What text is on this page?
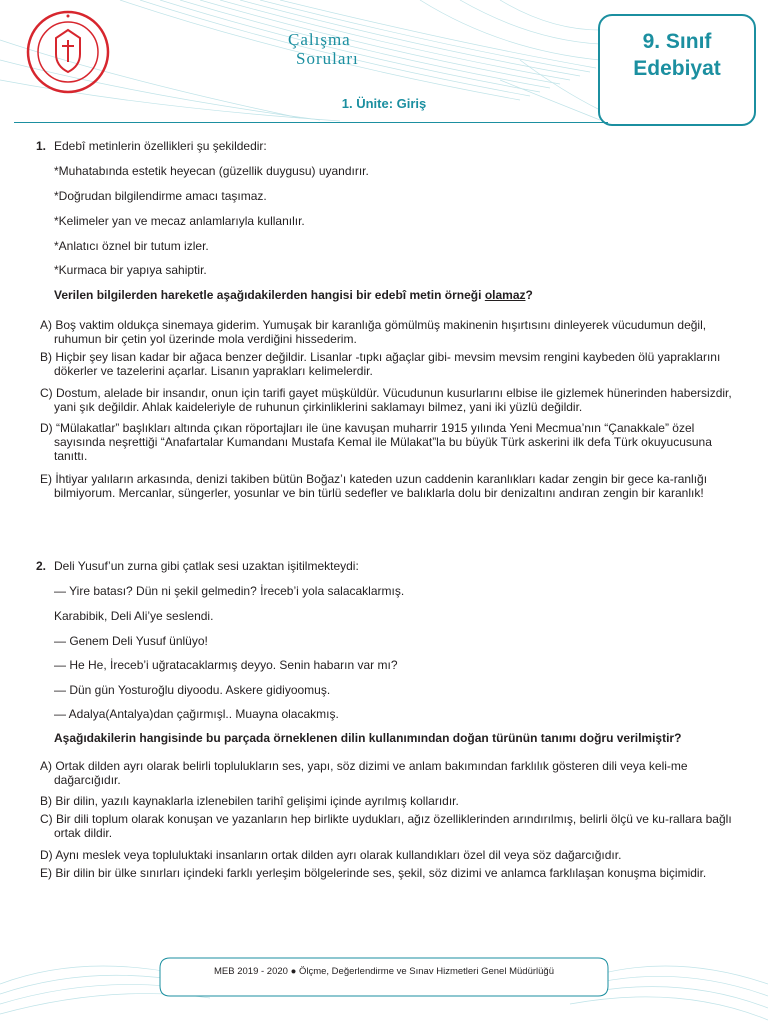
Çalışma
Soruları
9. Sınıf
Edebiyat
1. Ünite: Giriş
1. Edebî metinlerin özellikleri şu şekildedir:
*Muhatabında estetik heyecan (güzellik duygusu) uyandırır.
*Doğrudan bilgilendirme amacı taşımaz.
*Kelimeler yan ve mecaz anlamlarıyla kullanılır.
*Anlatıcı öznel bir tutum izler.
*Kurmaca bir yapıya sahiptir.
Verilen bilgilerden hareketle aşağıdakilerden hangisi bir edebî metin örneği olamaz?
A) Boş vaktim oldukça sinemaya giderim. Yumuşak bir karanlığa gömülmüş makinenin hışırtısını dinleyerek vücudumun değil, ruhumun bir çetin yol üzerinde mola verdiğini hissederim.
B) Hiçbir şey lisan kadar bir ağaca benzer değildir. Lisanlar -tıpkı ağaçlar gibi- mevsim mevsim rengini kaybeden ölü yapraklarını dökerler ve tazelerini açarlar. Lisanın yaprakları kelimelerdir.
C) Dostum, alelade bir insandır, onun için tarifi gayet müşküldür. Vücudunun kusurlarını elbise ile gizlemek hünerinden habersizdir, yani şık değildir. Ahlak kaideleriyle de ruhunun çirkinliklerini saklamayı bilmez, yani iki yüzlü değildir.
D) “Mülakatlar” başlıkları altında çıkan röportajları ile üne kavuşan muharrir 1915 yılında Yeni Mecmua’nın “Çanakkale” özel sayısında neşrettiği “Anafartalar Kumandanı Mustafa Kemal ile Mülakat”la bu büyük Türk askerini ilk defa Türk okuyucusuna tanıttı.
E) İhtiyar yalıların arkasında, denizi takiben bütün Boğaz’ı kateden uzun caddenin karanlıkları kadar zengin bir gece ka-ranlığı bilmiyorum. Mercanlar, süngerler, yosunlar ve bin türlü sedefler ve balıklarla dolu bir denizaltını andıran zengin bir karanlık!
2. Deli Yusuf’un zurna gibi çatlak sesi uzaktan işitilmekteydi:
— Yire batası? Dün ni şekil gelmedin? İreceb’i yola salacaklarmış.
Karabibik, Deli Ali’ye seslendi.
— Genem Deli Yusuf ünlüyo!
— He He, İreceb’i uğratacaklarmış deyyo. Senin habarın var mı?
— Dün gün Yosturoğlu diyoodu. Askere gidiyoomuş.
— Adalya(Antalya)dan çağırmışl.. Muayna olacakmış.
Aşağıdakilerin hangisinde bu parçada örneklenen dilin kullanımından doğan türünün tanımı doğru verilmiştir?
A) Ortak dilden ayrı olarak belirli toplulukların ses, yapı, söz dizimi ve anlam bakımından farklılık gösteren dili veya keli-me dağarcığıdır.
B) Bir dilin, yazılı kaynaklarla izlenebilen tarihî gelişimi içinde ayrılmış kollarıdır.
C) Bir dili toplum olarak konuşan ve yazanların hep birlikte uydukları, ağız özelliklerinden arındırılmış, belirli ölçü ve ku-rallara bağlı ortak dildir.
D) Aynı meslek veya topluluktaki insanların ortak dilden ayrı olarak kullandıkları özel dil veya söz dağarcığıdır.
E) Bir dilin bir ülke sınırları içindeki farklı yerleşim bölgelerinde ses, şekil, söz dizimi ve anlamca farklılaşan konuşma biçimidir.
MEB 2019 - 2020 ● Ölçme, Değerlendirme ve Sınav Hizmetleri Genel Müdürlüğü
